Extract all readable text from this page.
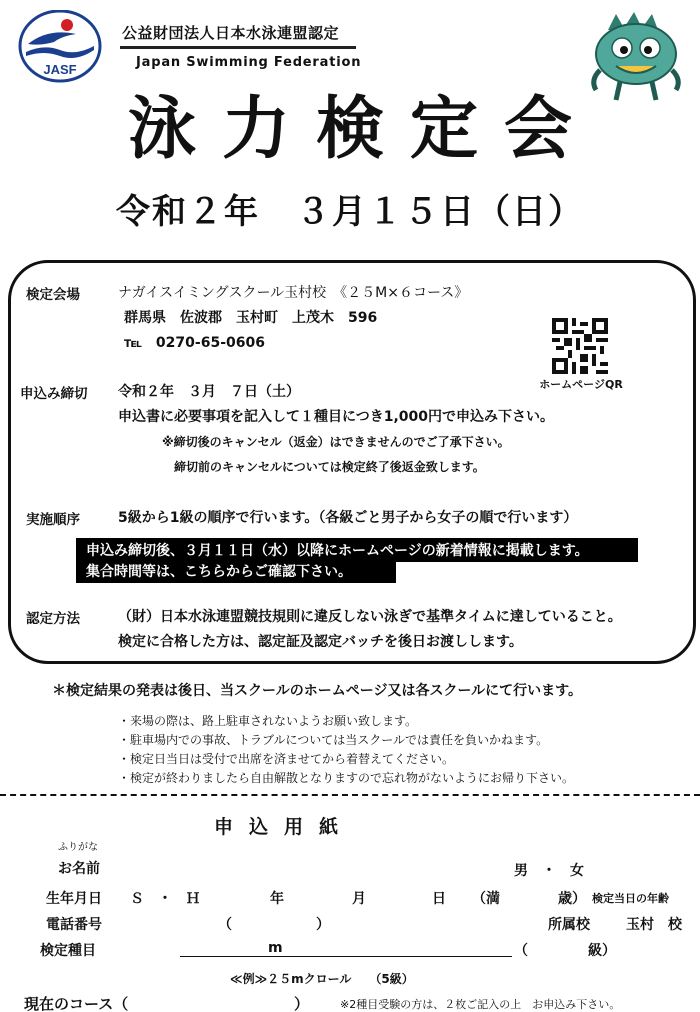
JASF
公益財団法人日本水泳連盟認定
Japan Swimming Federation
泳力検定会
令和２年　３月１５日（日）
検定会場	ナガイスイミングスクール玉村校　《２５M×６コース》
群馬県　佐波郡　玉村町　上茂木　596
℡　0270-65-0606
ホームページQR
申込み締切 令和２年　３月　７日（土）
申込書に必要事項を記入して１種目につき1,000円で申込み下さい。
※締切後のキャンセル（返金）はできませんのでご了承下さい。
締切前のキャンセルについては検定終了後返金致します。
実施順序	5級から1級の順序で行います。（各級ごと男子から女子の順で行います）
申込み締切後、３月１１日（水）以降にホームページの新着情報に掲載します。
集合時間等は、こちらからご確認下さい。
認定方法	（財）日本水泳連盟競技規則に違反しない泳ぎで基準タイムに達していること。
検定に合格した方は、認定証及認定バッチを後日お渡しします。
＊検定結果の発表は後日、当スクールのホームページ又は各スクールにて行います。
・来場の際は、路上駐車されないようお願い致します。
・駐車場内での事故、トラブルについては当スクールでは責任を負いかねます。
・検定日当日は受付で出席を済ませてから着替えてください。
・検定が終わりましたら自由解散となりますので忘れ物がないようにお帰り下さい。
申込用紙
ふりがな
お名前	男　・　女
生年月日 Ｓ　・　Ｈ	年	月	日 （満	歳） 検定当日の年齢
電話番号	（　　　　　　）	所属校	玉村　校
検定種目	m	（	級）
≪例≫２５mクロール　　（5級）
現在のコース（	）	※2種目受験の方は、２枚ご記入の上　お申込み下さい。
